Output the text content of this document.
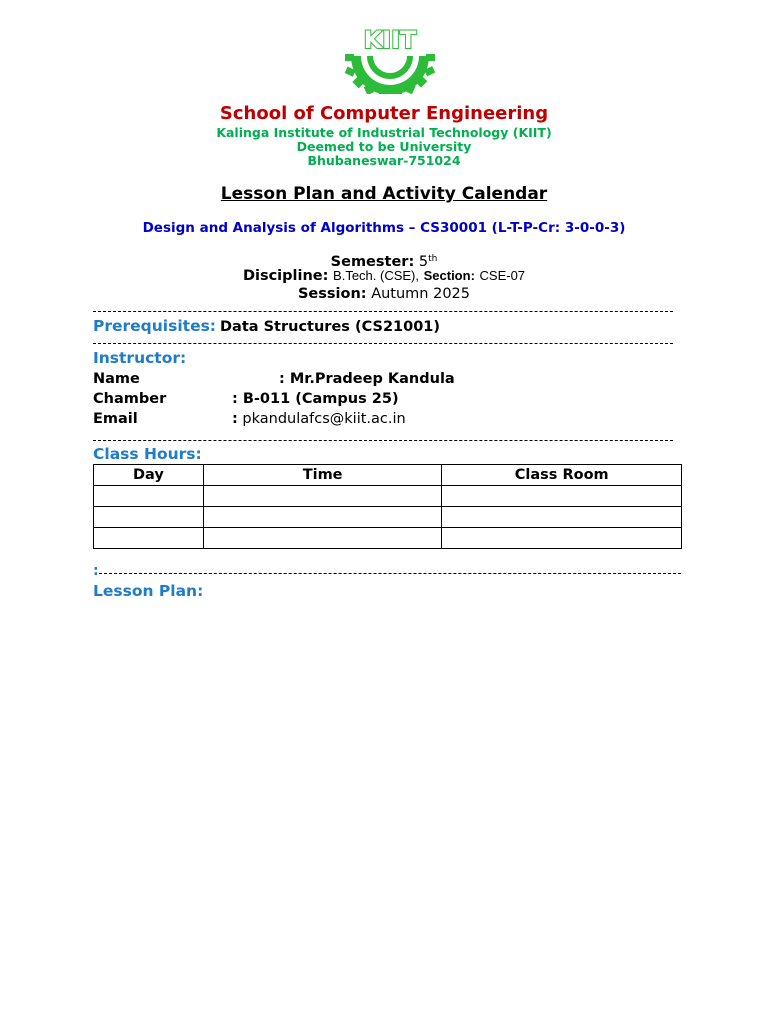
KIIT
School of Computer Engineering
Kalinga Institute of Industrial Technology (KIIT)
Deemed to be University
Bhubaneswar-751024
Lesson Plan and Activity Calendar
Design and Analysis of Algorithms – CS30001 (L-T-P-Cr: 3-0-0-3)
Semester: 5th
Discipline: B.Tech. (CSE), Section: CSE-07
Session: Autumn 2025
Prerequisites: Data Structures (CS21001)
Instructor:
Name	: Mr.Pradeep Kandula
Chamber	: B-011 (Campus 25)
Email	: pkandulafcs@kiit.ac.in
Class Hours:
Day	Time	Class Room

:
Lesson Plan:
